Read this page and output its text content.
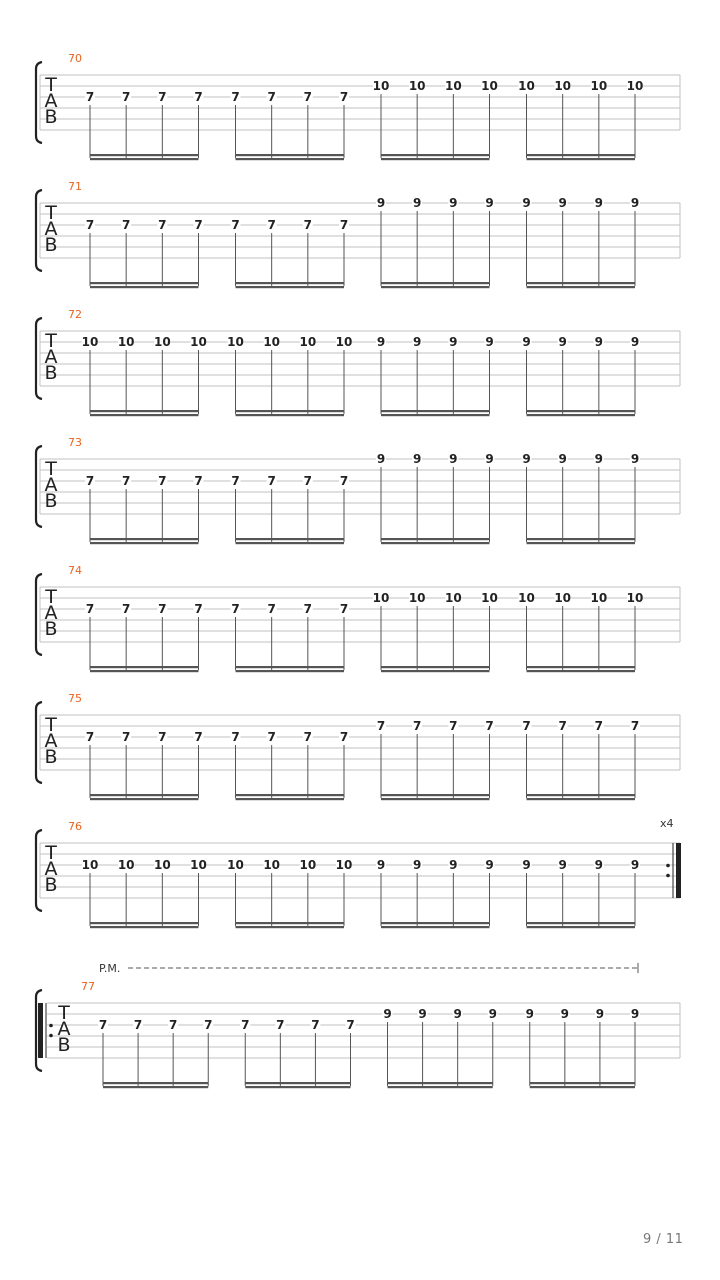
T
A
B
70
7 7 7 7 7 7 7 7
10 10 10 10 10 10 10 10
T
A
B
71
7 7 7 7 7 7 7 7
9 9 9 9 9 9 9 9
T
A
B
72
10 10 10 10 10 10 10 10 9 9 9 9 9 9 9 9
T
A
B
73
7 7 7 7 7 7 7 7
9 9 9 9 9 9 9 9
T
A
B
74
7 7 7 7 7 7 7 7
10 10 10 10 10 10 10 10
T
A
B
75
7 7 7 7 7 7 7 7
7 7 7 7 7 7 7 7
x4
T
A
B
76
10 10 10 10 10 10 10 10 9 9 9 9 9 9 9 9
T
A
B
77
P.M.
7 7 7 7 7 7 7 7
9 9 9 9 9 9 9 9
9 / 11
